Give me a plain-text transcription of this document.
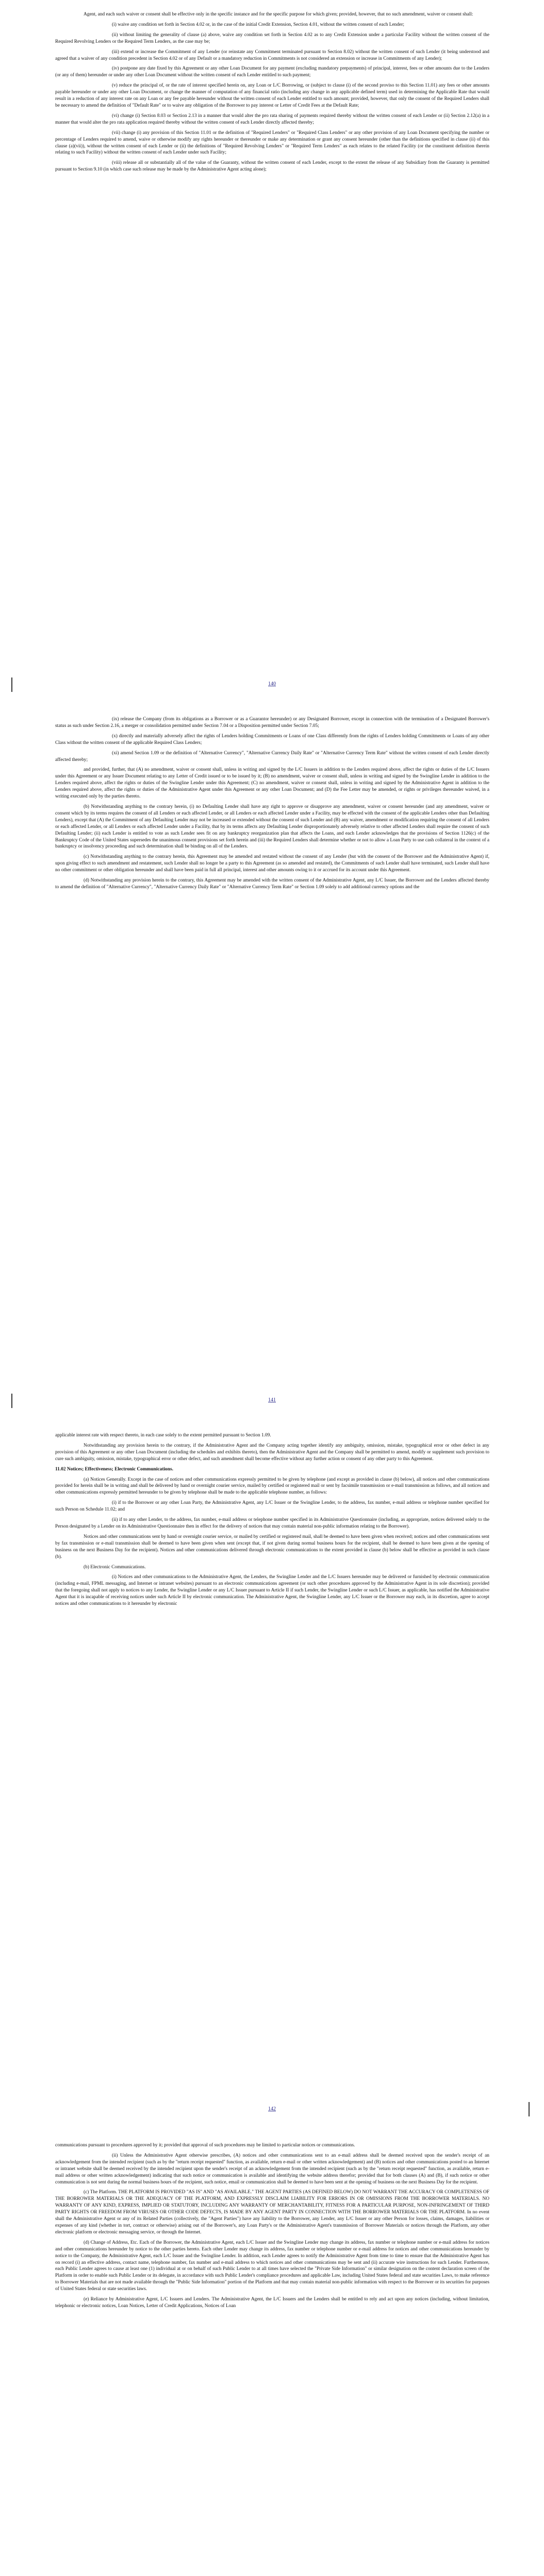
Agent, and each such waiver or consent shall be effective only in the specific instance and for the specific purpose for which given; provided, however, that no such amendment, waiver or consent shall:

(i) waive any condition set forth in Section 4.02 or, in the case of the initial Credit Extension, Section 4.01, without the written consent of each Lender;

(ii) without limiting the generality of clause (a) above, waive any condition set forth in Section 4.02 as to any Credit Extension under a particular Facility without the written consent of the Required Revolving Lenders or the Required Term Lenders, as the case may be;

(iii) extend or increase the Commitment of any Lender (or reinstate any Commitment terminated pursuant to Section 8.02) without the written consent of such Lender (it being understood and agreed that a waiver of any condition precedent in Section 4.02 or of any Default or a mandatory reduction in Commitments is not considered an extension or increase in Commitments of any Lender);

(iv) postpone any date fixed by this Agreement or any other Loan Document for any payment (excluding mandatory prepayments) of principal, interest, fees or other amounts due to the Lenders (or any of them) hereunder or under any other Loan Document without the written consent of each Lender entitled to such payment;

(v) reduce the principal of, or the rate of interest specified herein on, any Loan or L/C Borrowing, or (subject to clause (i) of the second proviso to this Section 11.01) any fees or other amounts payable hereunder or under any other Loan Document, or change the manner of computation of any financial ratio (including any change in any applicable defined term) used in determining the Applicable Rate that would result in a reduction of any interest rate on any Loan or any fee payable hereunder without the written consent of each Lender entitled to such amount; provided, however, that only the consent of the Required Lenders shall be necessary to amend the definition of "Default Rate" or to waive any obligation of the Borrower to pay interest or Letter of Credit Fees at the Default Rate;

(vi) change (i) Section 8.03 or Section 2.13 in a manner that would alter the pro rata sharing of payments required thereby without the written consent of each Lender or (ii) Section 2.12(a) in a manner that would alter the pro rata application required thereby without the written consent of each Lender directly affected thereby;

(vii) change (i) any provision of this Section 11.01 or the definition of "Required Lenders" or "Required Class Lenders" or any other provision of any Loan Document specifying the number or percentage of Lenders required to amend, waive or otherwise modify any rights hereunder or thereunder or make any determination or grant any consent hereunder (other than the definitions specified in clause (ii) of this clause (a)(vii)), without the written consent of each Lender or (ii) the definitions of "Required Revolving Lenders" or "Required Term Lenders" as each relates to the related Facility (or the constituent definition therein relating to such Facility) without the written consent of each Lender under such Facility;

(viii) release all or substantially all of the value of the Guaranty, without the written consent of each Lender, except to the extent the release of any Subsidiary from the Guaranty is permitted pursuant to Section 9.10 (in which case such release may be made by the Administrative Agent acting alone);

140

(ix) release the Company (from its obligations as a Borrower or as a Guarantor hereunder) or any Designated Borrower, except in connection with the termination of a Designated Borrower's status as such under Section 2.16, a merger or consolidation permitted under Section 7.04 or a Disposition permitted under Section 7.05;

(x) directly and materially adversely affect the rights of Lenders holding Commitments or Loans of one Class differently from the rights of Lenders holding Commitments or Loans of any other Class without the written consent of the applicable Required Class Lenders;

(xi) amend Section 1.09 or the definition of "Alternative Currency", "Alternative Currency Daily Rate" or "Alternative Currency Term Rate" without the written consent of each Lender directly affected thereby;

and provided, further, that (A) no amendment, waiver or consent shall, unless in writing and signed by the L/C Issuers in addition to the Lenders required above, affect the rights or duties of the L/C Issuers under this Agreement or any Issuer Document relating to any Letter of Credit issued or to be issued by it; (B) no amendment, waiver or consent shall, unless in writing and signed by the Swingline Lender in addition to the Lenders required above, affect the rights or duties of the Swingline Lender under this Agreement; (C) no amendment, waiver or consent shall, unless in writing and signed by the Administrative Agent in addition to the Lenders required above, affect the rights or duties of the Administrative Agent under this Agreement or any other Loan Document; and (D) the Fee Letter may be amended, or rights or privileges thereunder waived, in a writing executed only by the parties thereto.

(b) Notwithstanding anything to the contrary herein, (i) no Defaulting Lender shall have any right to approve or disapprove any amendment, waiver or consent hereunder (and any amendment, waiver or consent which by its terms requires the consent of all Lenders or each affected Lender, or all Lenders or each affected Lender under a Facility, may be effected with the consent of the applicable Lenders other than Defaulting Lenders), except that (A) the Commitment of any Defaulting Lender may not be increased or extended without the consent of such Lender and (B) any waiver, amendment or modification requiring the consent of all Lenders or each affected Lender, or all Lenders or each affected Lender under a Facility, that by its terms affects any Defaulting Lender disproportionately adversely relative to other affected Lenders shall require the consent of such Defaulting Lender; (ii) each Lender is entitled to vote as such Lender sees fit on any bankruptcy reorganization plan that affects the Loans, and each Lender acknowledges that the provisions of Section 1126(c) of the Bankruptcy Code of the United States supersedes the unanimous consent provisions set forth herein and (iii) the Required Lenders shall determine whether or not to allow a Loan Party to use cash collateral in the context of a bankruptcy or insolvency proceeding and such determination shall be binding on all of the Lenders.

(c) Notwithstanding anything to the contrary herein, this Agreement may be amended and restated without the consent of any Lender (but with the consent of the Borrower and the Administrative Agent) if, upon giving effect to such amendment and restatement, such Lender shall no longer be a party to this Agreement (as so amended and restated), the Commitments of such Lender shall have terminated, such Lender shall have no other commitment or other obligation hereunder and shall have been paid in full all principal, interest and other amounts owing to it or accrued for its account under this Agreement.

(d) Notwithstanding any provision herein to the contrary, this Agreement may be amended with the written consent of the Administrative Agent, any L/C Issuer, the Borrower and the Lenders affected thereby to amend the definition of "Alternative Currency", "Alternative Currency Daily Rate" or "Alternative Currency Term Rate" or Section 1.09 solely to add additional currency options and the

141

applicable interest rate with respect thereto, in each case solely to the extent permitted pursuant to Section 1.09.

Notwithstanding any provision herein to the contrary, if the Administrative Agent and the Company acting together identify any ambiguity, omission, mistake, typographical error or other defect in any provision of this Agreement or any other Loan Document (including the schedules and exhibits thereto), then the Administrative Agent and the Company shall be permitted to amend, modify or supplement such provision to cure such ambiguity, omission, mistake, typographical error or other defect, and such amendment shall become effective without any further action or consent of any other party to this Agreement.

11.02 Notices; Effectiveness; Electronic Communications.

(a) Notices Generally. Except in the case of notices and other communications expressly permitted to be given by telephone (and except as provided in clause (b) below), all notices and other communications provided for herein shall be in writing and shall be delivered by hand or overnight courier service, mailed by certified or registered mail or sent by facsimile transmission or e-mail transmission as follows, and all notices and other communications expressly permitted hereunder to be given by telephone shall be made to the applicable telephone number, as follows:

(i) if to the Borrower or any other Loan Party, the Administrative Agent, any L/C Issuer or the Swingline Lender, to the address, fax number, e-mail address or telephone number specified for such Person on Schedule 11.02; and

(ii) if to any other Lender, to the address, fax number, e-mail address or telephone number specified in its Administrative Questionnaire (including, as appropriate, notices delivered solely to the Person designated by a Lender on its Administrative Questionnaire then in effect for the delivery of notices that may contain material non-public information relating to the Borrower).

Notices and other communications sent by hand or overnight courier service, or mailed by certified or registered mail, shall be deemed to have been given when received; notices and other communications sent by fax transmission or e-mail transmission shall be deemed to have been given when sent (except that, if not given during normal business hours for the recipient, shall be deemed to have been given at the opening of business on the next Business Day for the recipient). Notices and other communications delivered through electronic communications to the extent provided in clause (b) below shall be effective as provided in such clause (b).

(b) Electronic Communications.

(i) Notices and other communications to the Administrative Agent, the Lenders, the Swingline Lender and the L/C Issuers hereunder may be delivered or furnished by electronic communication (including e-mail, FPML messaging, and Internet or intranet websites) pursuant to an electronic communications agreement (or such other procedures approved by the Administrative Agent in its sole discretion); provided that the foregoing shall not apply to notices to any Lender, the Swingline Lender or any L/C Issuer pursuant to Article II if such Lender, the Swingline Lender or such L/C Issuer, as applicable, has notified the Administrative Agent that it is incapable of receiving notices under such Article II by electronic communication. The Administrative Agent, the Swingline Lender, any L/C Issuer or the Borrower may each, in its discretion, agree to accept notices and other communications to it hereunder by electronic

142

communications pursuant to procedures approved by it; provided that approval of such procedures may be limited to particular notices or communications.

(ii) Unless the Administrative Agent otherwise prescribes, (A) notices and other communications sent to an e-mail address shall be deemed received upon the sender's receipt of an acknowledgement from the intended recipient (such as by the "return receipt requested" function, as available, return e-mail or other written acknowledgement) and (B) notices and other communications posted to an Internet or intranet website shall be deemed received by the intended recipient upon the sender's receipt of an acknowledgement from the intended recipient (such as by the "return receipt requested" function, as available, return e-mail address or other written acknowledgement) indicating that such notice or communication is available and identifying the website address therefor; provided that for both clauses (A) and (B), if such notice or other communication is not sent during the normal business hours of the recipient, such notice, email or communication shall be deemed to have been sent at the opening of business on the next Business Day for the recipient.

(c) The Platform. THE PLATFORM IS PROVIDED "AS IS" AND "AS AVAILABLE." THE AGENT PARTIES (AS DEFINED BELOW) DO NOT WARRANT THE ACCURACY OR COMPLETENESS OF THE BORROWER MATERIALS OR THE ADEQUACY OF THE PLATFORM, AND EXPRESSLY DISCLAIM LIABILITY FOR ERRORS IN OR OMISSIONS FROM THE BORROWER MATERIALS. NO WARRANTY OF ANY KIND, EXPRESS, IMPLIED OR STATUTORY, INCLUDING ANY WARRANTY OF MERCHANTABILITY, FITNESS FOR A PARTICULAR PURPOSE, NON-INFRINGEMENT OF THIRD PARTY RIGHTS OR FREEDOM FROM VIRUSES OR OTHER CODE DEFECTS, IS MADE BY ANY AGENT PARTY IN CONNECTION WITH THE BORROWER MATERIALS OR THE PLATFORM. In no event shall the Administrative Agent or any of its Related Parties (collectively, the "Agent Parties") have any liability to the Borrower, any Lender, any L/C Issuer or any other Person for losses, claims, damages, liabilities or expenses of any kind (whether in tort, contract or otherwise) arising out of the Borrower's, any Loan Party's or the Administrative Agent's transmission of Borrower Materials or notices through the Platform, any other electronic platform or electronic messaging service, or through the Internet.

(d) Change of Address, Etc. Each of the Borrower, the Administrative Agent, each L/C Issuer and the Swingline Lender may change its address, fax number or telephone number or e-mail address for notices and other communications hereunder by notice to the other parties hereto. Each other Lender may change its address, fax number or telephone number or e-mail address for notices and other communications hereunder by notice to the Company, the Administrative Agent, each L/C Issuer and the Swingline Lender. In addition, each Lender agrees to notify the Administrative Agent from time to time to ensure that the Administrative Agent has on record (i) an effective address, contact name, telephone number, fax number and e-mail address to which notices and other communications may be sent and (ii) accurate wire instructions for such Lender. Furthermore, each Public Lender agrees to cause at least one (1) individual at or on behalf of such Public Lender to at all times have selected the "Private Side Information" or similar designation on the content declaration screen of the Platform in order to enable such Public Lender or its delegate, in accordance with such Public Lender's compliance procedures and applicable Law, including United States federal and state securities Laws, to make reference to Borrower Materials that are not made available through the "Public Side Information" portion of the Platform and that may contain material non-public information with respect to the Borrower or its securities for purposes of United States federal or state securities laws.

(e) Reliance by Administrative Agent, L/C Issuers and Lenders. The Administrative Agent, the L/C Issuers and the Lenders shall be entitled to rely and act upon any notices (including, without limitation, telephonic or electronic notices, Loan Notices, Letter of Credit Applications, Notices of Loan
